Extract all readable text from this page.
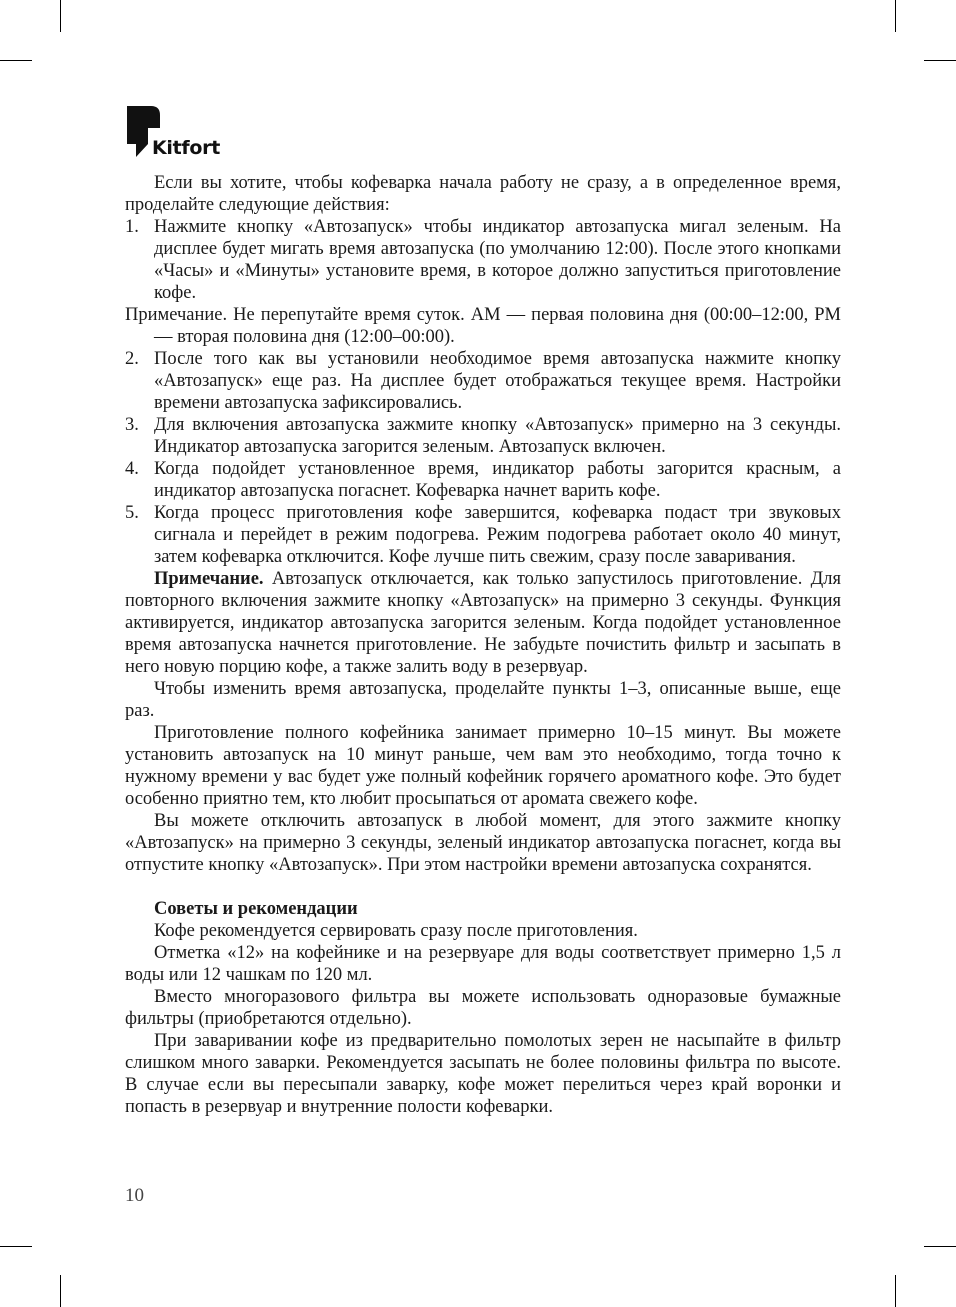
Kitfort

Если вы хотите, чтобы кофеварка начала работу не сразу, а в определенное время, проделайте следующие действия:

1. Нажмите кнопку «Автозапуск» чтобы индикатор автозапуска мигал зеленым. На дисплее будет мигать время автозапуска (по умолчанию 12:00). После этого кнопками «Часы» и «Минуты» установите время, в которое должно запуститься приготовление кофе.

Примечание. Не перепутайте время суток. AM — первая половина дня (00:00–12:00, PM — вторая половина дня (12:00–00:00).

2. После того как вы установили необходимое время автозапуска нажмите кнопку «Автозапуск» еще раз. На дисплее будет отображаться текущее время. Настройки времени автозапуска зафиксировались.
3. Для включения автозапуска зажмите кнопку «Автозапуск» примерно на 3 секунды. Индикатор автозапуска загорится зеленым. Автозапуск включен.
4. Когда подойдет установленное время, индикатор работы загорится красным, а индикатор автозапуска погаснет. Кофеварка начнет варить кофе.
5. Когда процесс приготовления кофе завершится, кофеварка подаст три звуковых сигнала и перейдет в режим подогрева. Режим подогрева работает около 40 минут, затем кофеварка отключится. Кофе лучше пить свежим, сразу после заваривания.

Примечание. Автозапуск отключается, как только запустилось приготовление. Для повторного включения зажмите кнопку «Автозапуск» на примерно 3 секунды. Функция активируется, индикатор автозапуска загорится зеленым. Когда подойдет установленное время автозапуска начнется приготовление. Не забудьте почистить фильтр и засыпать в него новую порцию кофе, а также залить воду в резервуар.

Чтобы изменить время автозапуска, проделайте пункты 1–3, описанные выше, еще раз.

Приготовление полного кофейника занимает примерно 10–15 минут. Вы можете установить автозапуск на 10 минут раньше, чем вам это необходимо, тогда точно к нужному времени у вас будет уже полный кофейник горячего ароматного кофе. Это будет особенно приятно тем, кто любит просыпаться от аромата свежего кофе.

Вы можете отключить автозапуск в любой момент, для этого зажмите кнопку «Автозапуск» на примерно 3 секунды, зеленый индикатор автозапуска погаснет, когда вы отпустите кнопку «Автозапуск». При этом настройки времени автозапуска сохранятся.

Советы и рекомендации

Кофе рекомендуется сервировать сразу после приготовления.

Отметка «12» на кофейнике и на резервуаре для воды соответствует примерно 1,5 л воды или 12 чашкам по 120 мл.

Вместо многоразового фильтра вы можете использовать одноразовые бумажные фильтры (приобретаются отдельно).

При заваривании кофе из предварительно помолотых зерен не насыпайте в фильтр слишком много заварки. Рекомендуется засыпать не более половины фильтра по высоте. В случае если вы пересыпали заварку, кофе может перелиться через край воронки и попасть в резервуар и внутренние полости кофеварки.

10
